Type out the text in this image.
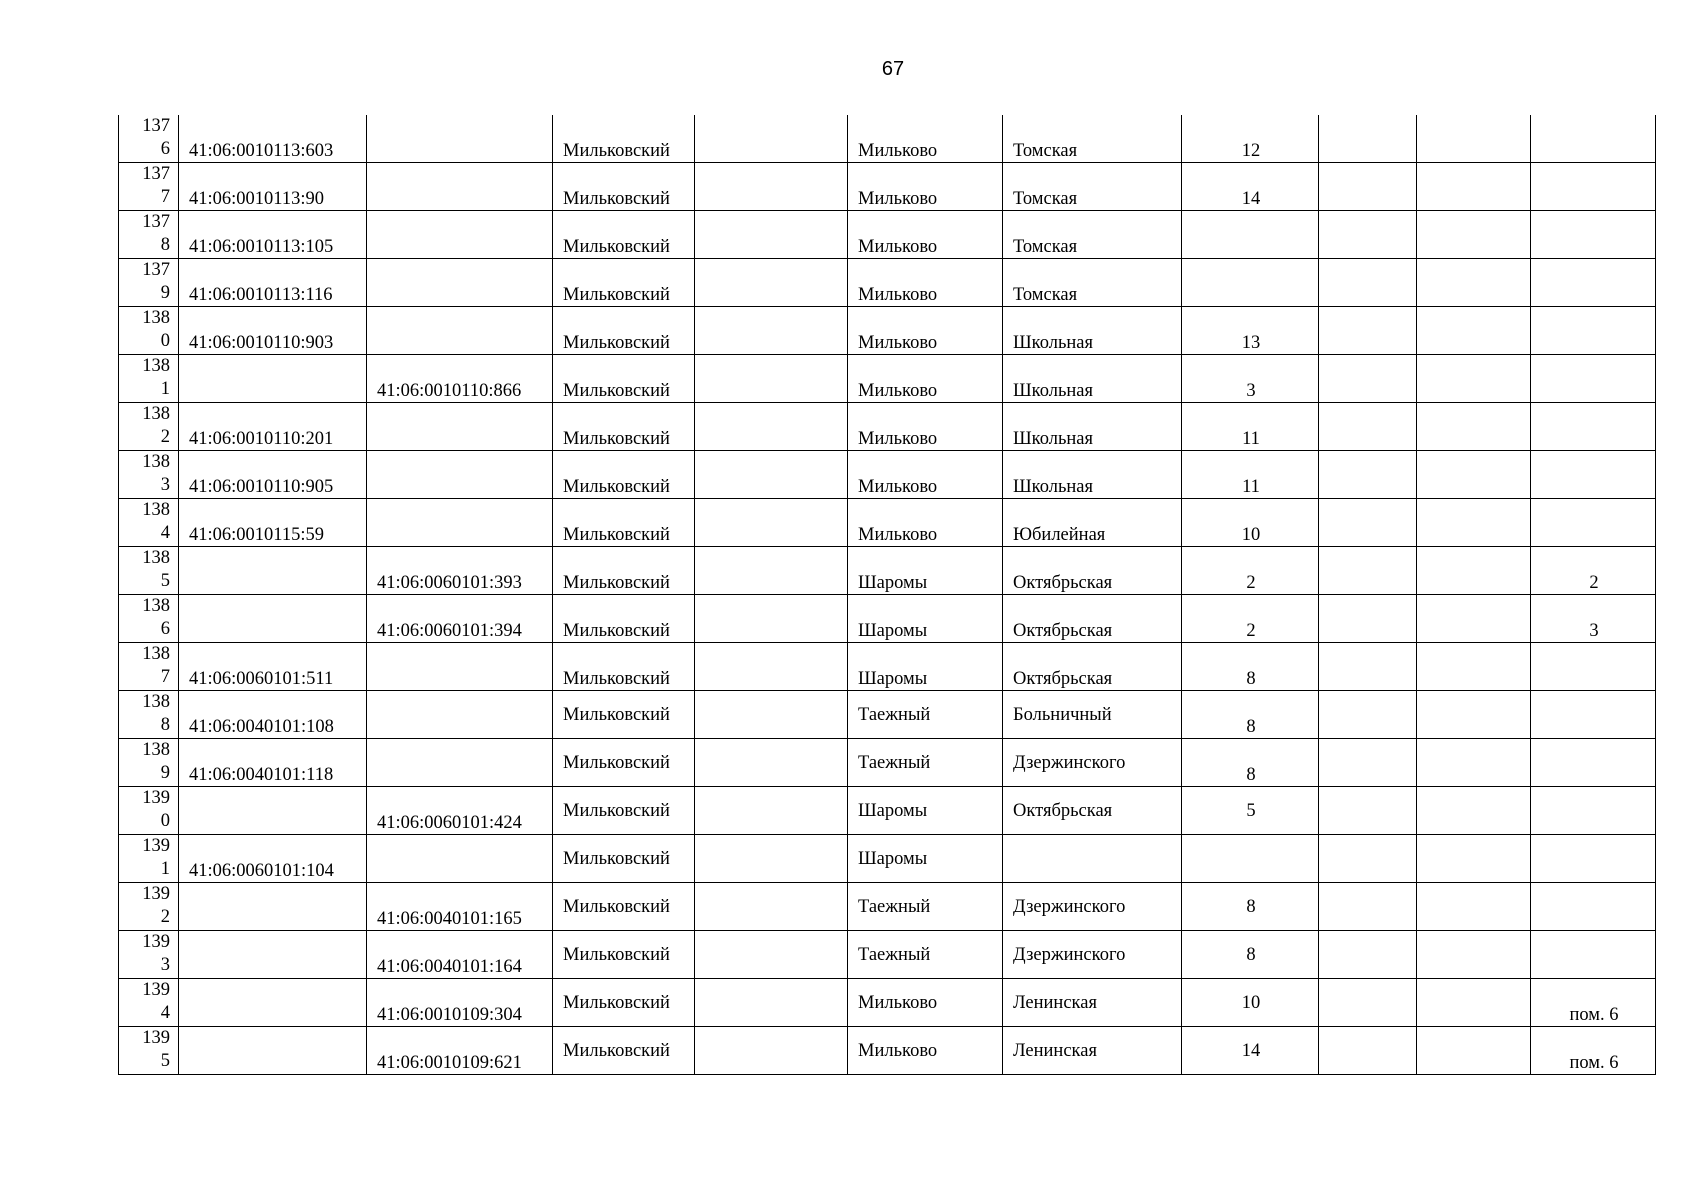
67
137
6	41:06:0010113:603		Мильковский		Мильково	Томская	12			

137
7	41:06:0010113:90		Мильковский		Мильково	Томская	14			

137
8	41:06:0010113:105		Мильковский		Мильково	Томская				

137
9	41:06:0010113:116		Мильковский		Мильково	Томская				

138
0	41:06:0010110:903		Мильковский		Мильково	Школьная	13			

138
1		41:06:0010110:866	Мильковский		Мильково	Школьная	3			

138
2	41:06:0010110:201		Мильковский		Мильково	Школьная	11			

138
3	41:06:0010110:905		Мильковский		Мильково	Школьная	11			

138
4	41:06:0010115:59		Мильковский		Мильково	Юбилейная	10			

138
5		41:06:0060101:393	Мильковский		Шаромы	Октябрьская	2			2

138
6		41:06:0060101:394	Мильковский		Шаромы	Октябрьская	2			3

138
7	41:06:0060101:511		Мильковский		Шаромы	Октябрьская	8			

138
8	41:06:0040101:108		Мильковский		Таежный	Больничный	8			

138
9	41:06:0040101:118		Мильковский		Таежный	Дзержинского	8			

139
0		41:06:0060101:424	Мильковский		Шаромы	Октябрьская	5			

139
1	41:06:0060101:104		Мильковский		Шаромы					

139
2		41:06:0040101:165	Мильковский		Таежный	Дзержинского	8			

139
3		41:06:0040101:164	Мильковский		Таежный	Дзержинского	8			

139
4		41:06:0010109:304	Мильковский		Мильково	Ленинская	10			пом. 6

139
5		41:06:0010109:621	Мильковский		Мильково	Ленинская	14			пом. 6
